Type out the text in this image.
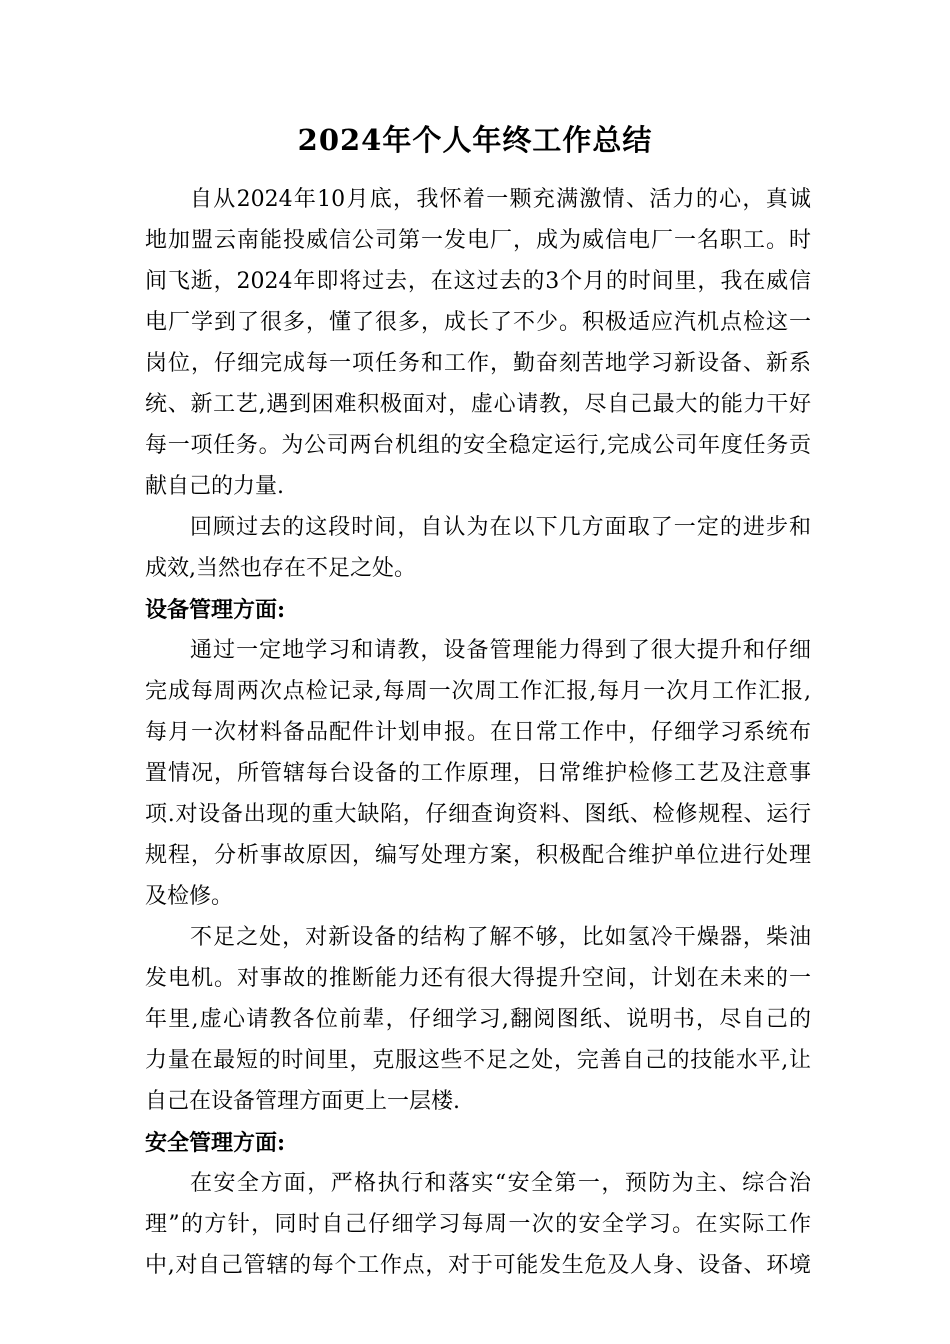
2024年个人年终工作总结
自从2024年10月底，我怀着一颗充满激情、活力的心，真诚
地加盟云南能投威信公司第一发电厂，成为威信电厂一名职工。时
间飞逝，2024年即将过去，在这过去的3个月的时间里，我在威信
电厂学到了很多，懂了很多，成长了不少。积极适应汽机点检这一
岗位，仔细完成每一项任务和工作，勤奋刻苦地学习新设备、新系
统、新工艺,遇到困难积极面对，虚心请教，尽自己最大的能力干好
每一项任务。为公司两台机组的安全稳定运行,完成公司年度任务贡
献自己的力量.
回顾过去的这段时间，自认为在以下几方面取了一定的进步和
成效,当然也存在不足之处。
设备管理方面:
通过一定地学习和请教，设备管理能力得到了很大提升和仔细
完成每周两次点检记录,每周一次周工作汇报,每月一次月工作汇报,
每月一次材料备品配件计划申报。在日常工作中，仔细学习系统布
置情况，所管辖每台设备的工作原理，日常维护检修工艺及注意事
项.对设备出现的重大缺陷，仔细查询资料、图纸、检修规程、运行
规程，分析事故原因，编写处理方案，积极配合维护单位进行处理
及检修。
不足之处，对新设备的结构了解不够，比如氢冷干燥器，柴油
发电机。对事故的推断能力还有很大得提升空间，计划在未来的一
年里,虚心请教各位前辈，仔细学习,翻阅图纸、说明书，尽自己的
力量在最短的时间里，克服这些不足之处，完善自己的技能水平,让
自己在设备管理方面更上一层楼.
安全管理方面:
在安全方面，严格执行和落实“安全第一，预防为主、综合治
理”的方针，同时自己仔细学习每周一次的安全学习。在实际工作
中,对自己管辖的每个工作点，对于可能发生危及人身、设备、环境
